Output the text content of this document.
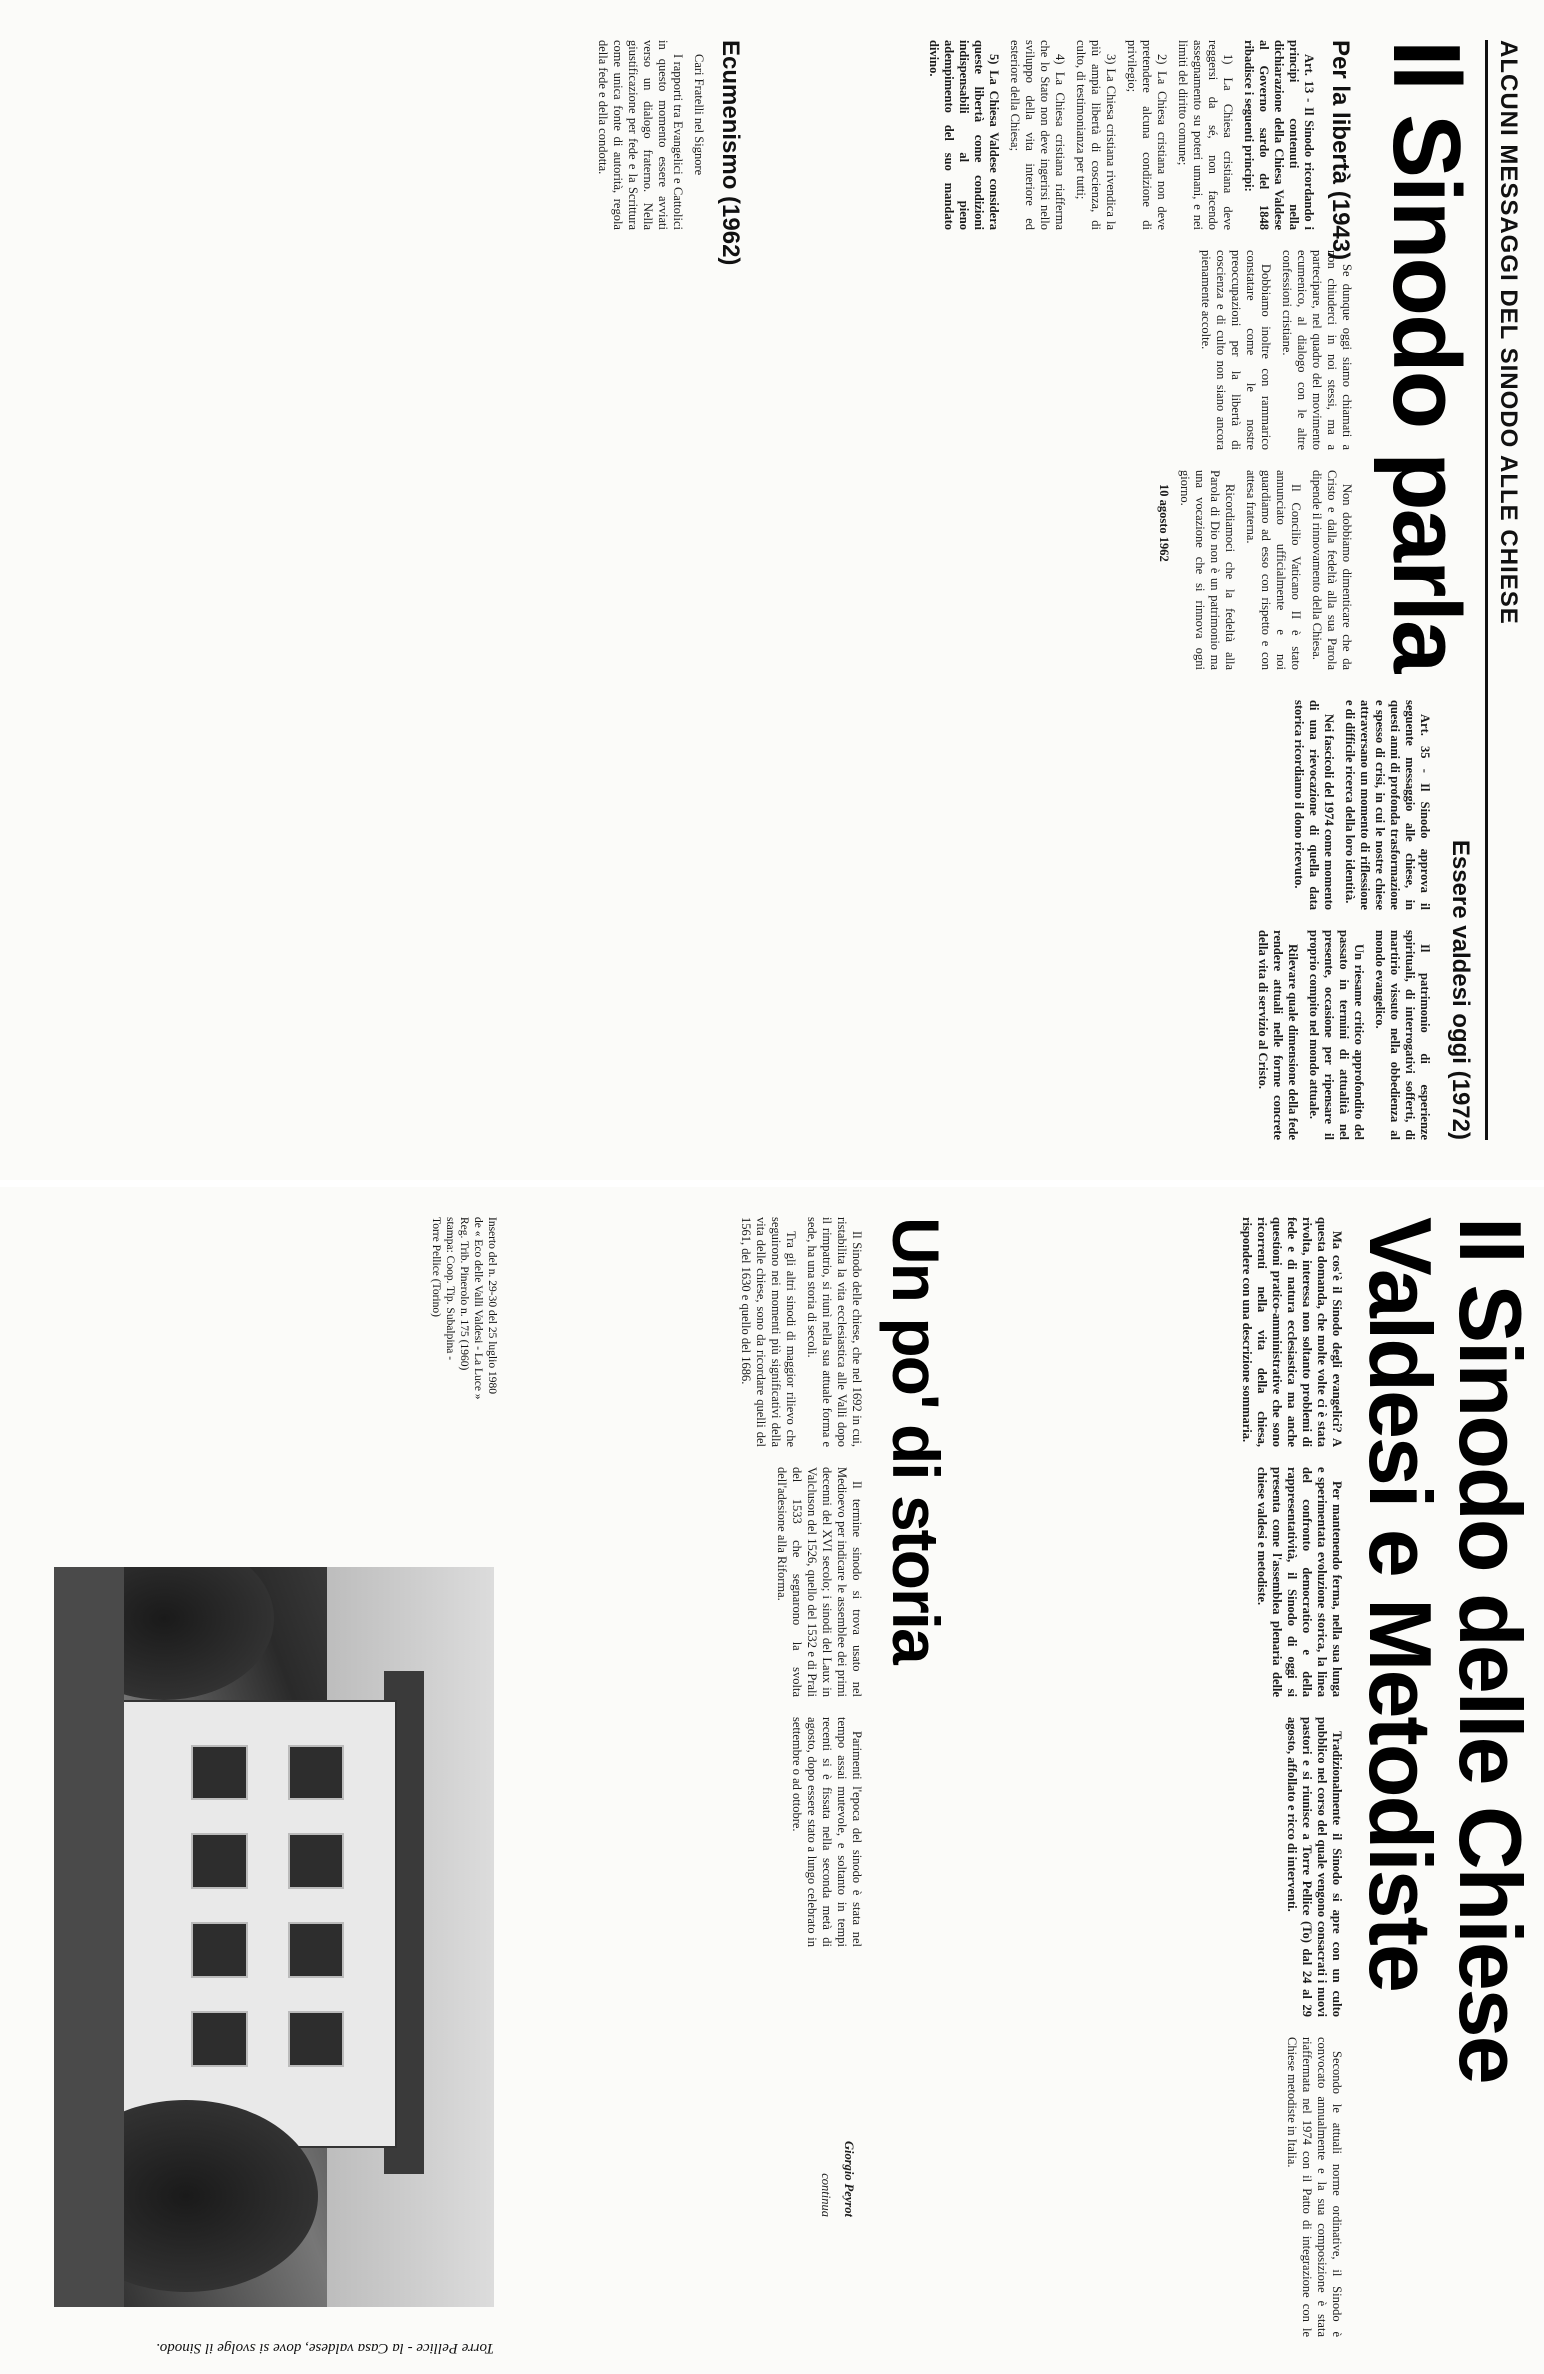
ALCUNI MESSAGGI DEL SINODO ALLE CHIESE
Il Sinodo parla
Per la libertà (1943)

Art. 13 - Il Sinodo ricordando i principi contenuti nella dichiarazione della Chiesa Valdese al Governo sardo del 1848 ribadisce i seguenti principi:

1) La Chiesa cristiana deve reggersi da sé, non facendo assegnamento su poteri umani, e nei limiti del diritto comune;

2) La Chiesa cristiana non deve pretendere alcuna condizione di privilegio;

3) La Chiesa cristiana rivendica la più ampia libertà di coscienza, di culto, di testimonianza per tutti;

4) La Chiesa cristiana riafferma che lo Stato non deve ingerirsi nello sviluppo della vita interiore ed esteriore della Chiesa;

5) La Chiesa Valdese considera queste libertà come condizioni indispensabili al pieno adempimento del suo mandato divino.

Ecumenismo (1962)

Cari Fratelli nel Signore

I rapporti tra Evangelici e Cattolici in questo momento essere avviati verso un dialogo fraterno. Nella giustificazione per fede e la Scrittura come unica fonte di autorità, regola della fede e della condotta.

Se dunque oggi siamo chiamati a non chiuderci in noi stessi, ma a partecipare, nel quadro del movimento ecumenico, al dialogo con le altre confessioni cristiane.

Dobbiamo inoltre con rammarico constatare come le nostre preoccupazioni per la libertà di coscienza e di culto non siano ancora pienamente accolte.

Non dobbiamo dimenticare che da Cristo e dalla fedeltà alla sua Parola dipende il rinnovamento della Chiesa.

Il Concilio Vaticano II è stato annunciato ufficialmente e noi guardiamo ad esso con rispetto e con attesa fraterna.

Ricordiamoci che la fedeltà alla Parola di Dio non è un patrimonio ma una vocazione che si rinnova ogni giorno.

10 agosto 1962

Essere valdesi oggi (1972)

Art. 35 - Il Sinodo approva il seguente messaggio alle chiese, in questi anni di profonda trasformazione e spesso di crisi, in cui le nostre chiese attraversano un momento di riflessione e di difficile ricerca della loro identità.

Nei fascicoli del 1974 come momento di una rievocazione di quella data storica ricordiamo il dono ricevuto.

Il patrimonio di esperienze spirituali, di interrogativi sofferti, di martirio vissuto nella obbedienza al mondo evangelico.

Un riesame critico approfondito del passato in termini di attualità nel presente, occasione per ripensare il proprio compito nel mondo attuale.

Rilevare quale dimensione della fede rendere attuali nelle forme concrete della vita di servizio al Cristo.

Il Sinodo delle Chiese
Valdesi e Metodiste

Ma cos'è il Sinodo degli evangelici? A questa domanda, che molte volte ci è stata rivolta, interessa non soltanto problemi di fede e di natura ecclesiastica ma anche questioni pratico-amministrative che sono ricorrenti nella vita della chiesa, rispondere con una descrizione sommaria.

Per mantenendo ferma, nella sua lunga e sperimentata evoluzione storica, la linea del confronto democratico e della rappresentatività, il Sinodo di oggi si presenta come l'assemblea plenaria delle chiese valdesi e metodiste.

Tradizionalmente il Sinodo si apre con un culto pubblico nel corso del quale vengono consacrati i nuovi pastori e si riunisce a Torre Pellice (To) dal 24 al 29 agosto, affollato e ricco di interventi.

Secondo le attuali norme ordinative, il Sinodo è convocato annualmente e la sua composizione è stata riaffermata nel 1974 con il Patto di integrazione con le Chiese metodiste in Italia.

Un po' di storia

Il Sinodo delle chiese, che nel 1692 in cui, ristabilita la vita ecclesiastica alle Valli dopo il rimpatrio, si riunì nella sua attuale forma e sede, ha una storia di secoli.

Tra gli altri sinodi di maggior rilievo che seguirono nei momenti più significativi della vita delle chiese, sono da ricordare quelli del 1561, del 1630 e quello del 1686.

Il termine sinodo si trova usato nel Medioevo per indicare le assemblee dei primi decenni del XVI secolo; i sinodi del Laux in Valcluson del 1526, quello del 1532 e di Prali del 1533 che segnarono la svolta dell'adesione alla Riforma.

Parimenti l'epoca del sinodo è stata nel tempo assai mutevole, e soltanto in tempi recenti si è fissata nella seconda metà di agosto, dopo essere stato a lungo celebrato in settembre o ad ottobre.

Giorgio Peyrot

continua

Inserto del n. 29-30 del 25 luglio 1980
de « Eco delle Valli Valdesi - La Luce »
Reg. Trib. Pinerolo n. 175 (1960)
stampa: Coop. Tip. Subalpina -
Torre Pellice (Torino)
Torre Pellice - la Casa valdese, dove si svolge il Sinodo.
